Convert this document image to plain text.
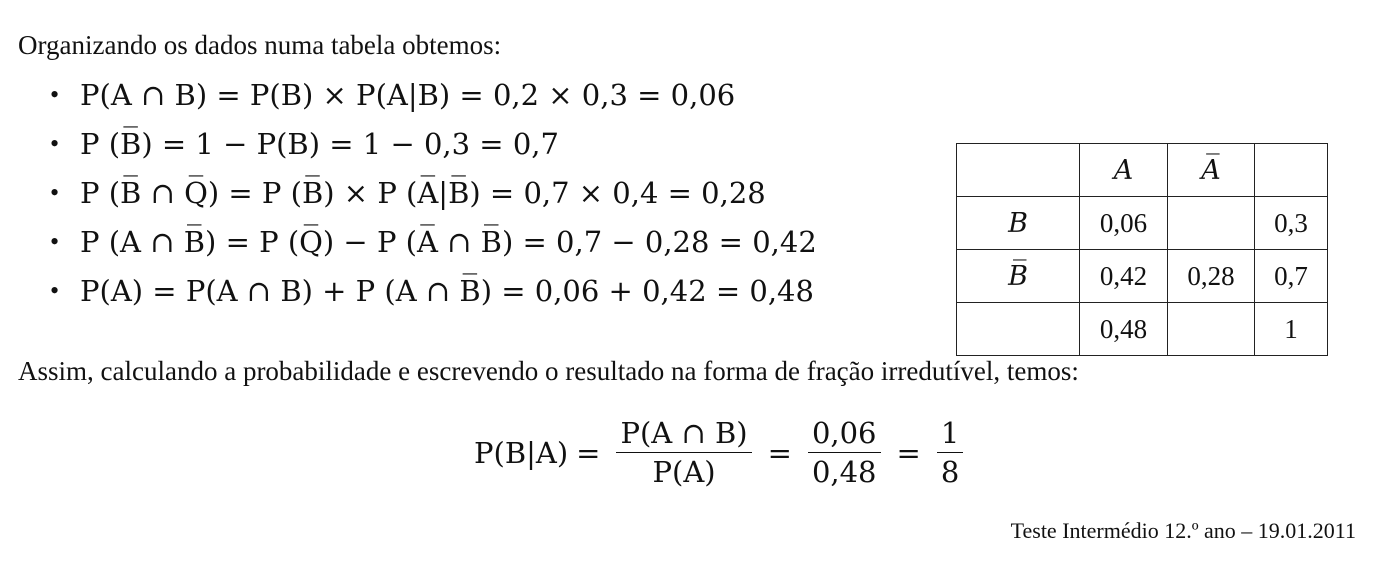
Organizando os dados numa tabela obtemos:
• P(A ∩ B) = P(B) × P(A|B) = 0,2 × 0,3 = 0,06
• P (B̅) = 1 − P(B) = 1 − 0,3 = 0,7
• P (B̅ ∩ Q̅) = P (B̅) × P (A̅|B̅) = 0,7 × 0,4 = 0,28
• P (A ∩ B̅) = P (Q̅) − P (A̅ ∩ B̅) = 0,7 − 0,28 = 0,42
• P(A) = P(A ∩ B) + P (A ∩ B̅) = 0,06 + 0,42 = 0,48
	A	A̅	
B	0,06		0,3
B̅	0,42	0,28	0,7
	0,48		1
Assim, calculando a probabilidade e escrevendo o resultado na forma de fração irredutível, temos:
$P(B|A) = \frac{P(A \cap B)}{P(A)} = \frac{0,06}{0,48} = \frac{1}{8}$
Teste Intermédio 12.º ano – 19.01.2011
